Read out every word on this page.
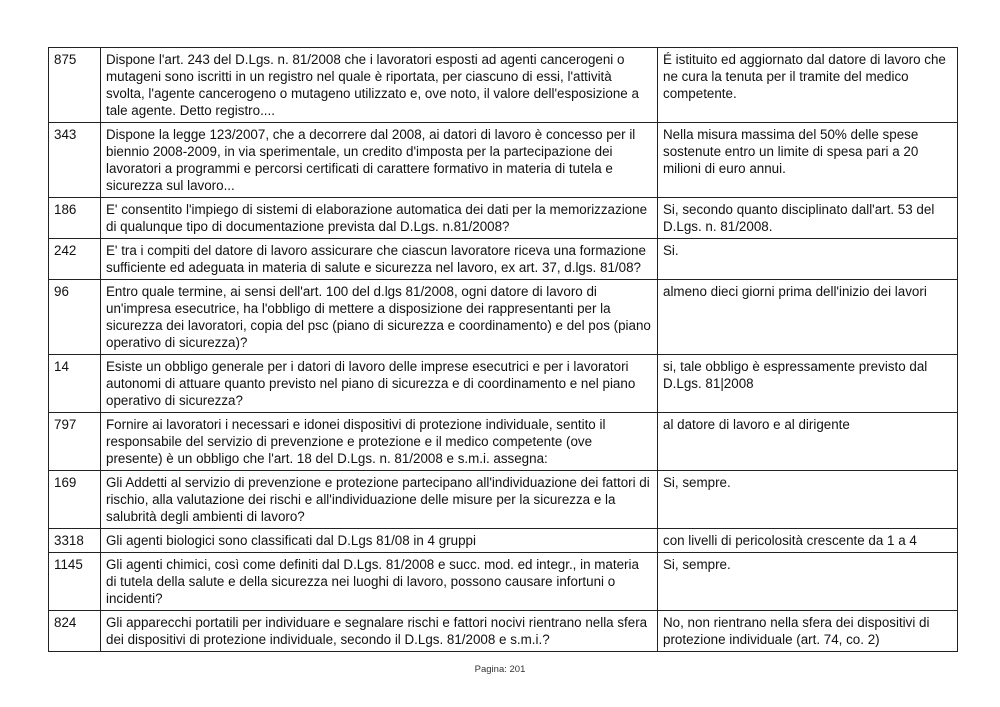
875	Dispone l'art. 243 del D.Lgs. n. 81/2008 che i lavoratori esposti ad agenti cancerogeni o mutageni sono iscritti in un registro nel quale è riportata, per ciascuno di essi, l'attività svolta, l'agente cancerogeno o mutageno utilizzato e, ove noto, il valore dell'esposizione a tale agente. Detto registro....	É istituito ed aggiornato dal datore di lavoro che ne cura la tenuta per il tramite del medico competente.
343	Dispone la legge 123/2007, che a decorrere dal 2008, ai datori di lavoro è concesso per il biennio 2008-2009, in via sperimentale, un credito d'imposta per la partecipazione dei lavoratori a programmi e percorsi certificati di carattere formativo in materia di tutela e sicurezza sul lavoro...	Nella misura massima del 50% delle spese sostenute entro un limite di spesa pari a 20 milioni di euro annui.
186	E' consentito l'impiego di sistemi di elaborazione automatica dei dati per la memorizzazione di qualunque tipo di documentazione prevista dal D.Lgs. n.81/2008?	Si, secondo quanto disciplinato dall'art. 53 del D.Lgs. n. 81/2008.
242	E' tra i compiti del datore di lavoro assicurare che ciascun lavoratore riceva una formazione sufficiente ed adeguata in materia di salute e sicurezza nel lavoro, ex art. 37, d.lgs. 81/08?	Si.
96	Entro quale termine, ai sensi dell'art. 100 del d.lgs 81/2008, ogni datore di lavoro di un'impresa esecutrice, ha l'obbligo di mettere a disposizione dei rappresentanti per la sicurezza dei lavoratori, copia del psc (piano di sicurezza e coordinamento) e del pos (piano operativo di sicurezza)?	almeno dieci giorni prima dell'inizio dei lavori
14	Esiste un obbligo generale per i datori di lavoro delle imprese esecutrici e per i lavoratori autonomi di attuare quanto previsto nel piano di sicurezza e di coordinamento e nel piano operativo di sicurezza?	si, tale obbligo è espressamente previsto dal D.Lgs. 81|2008
797	Fornire ai lavoratori i necessari e idonei dispositivi di protezione individuale, sentito il responsabile del servizio di prevenzione e protezione e il medico competente (ove presente) è un obbligo che l'art. 18 del D.Lgs. n. 81/2008 e s.m.i. assegna:	al datore di lavoro e al dirigente
169	Gli Addetti al servizio di prevenzione e protezione partecipano all'individuazione dei fattori di rischio, alla valutazione dei rischi e all'individuazione delle misure per la sicurezza e la salubrità degli ambienti di lavoro?	Si, sempre.
3318	Gli agenti biologici sono classificati dal D.Lgs 81/08 in 4 gruppi	con livelli di pericolosità crescente da 1 a 4
1145	Gli agenti chimici, così come definiti dal D.Lgs. 81/2008 e succ. mod. ed integr., in materia di tutela della salute e della sicurezza nei luoghi di lavoro, possono causare infortuni o incidenti?	Si, sempre.
824	Gli apparecchi portatili per individuare e segnalare rischi e fattori nocivi rientrano nella sfera dei dispositivi di protezione individuale, secondo il D.Lgs. 81/2008 e s.m.i.?	No, non rientrano nella sfera dei dispositivi di protezione individuale (art. 74, co. 2)
Pagina: 201
